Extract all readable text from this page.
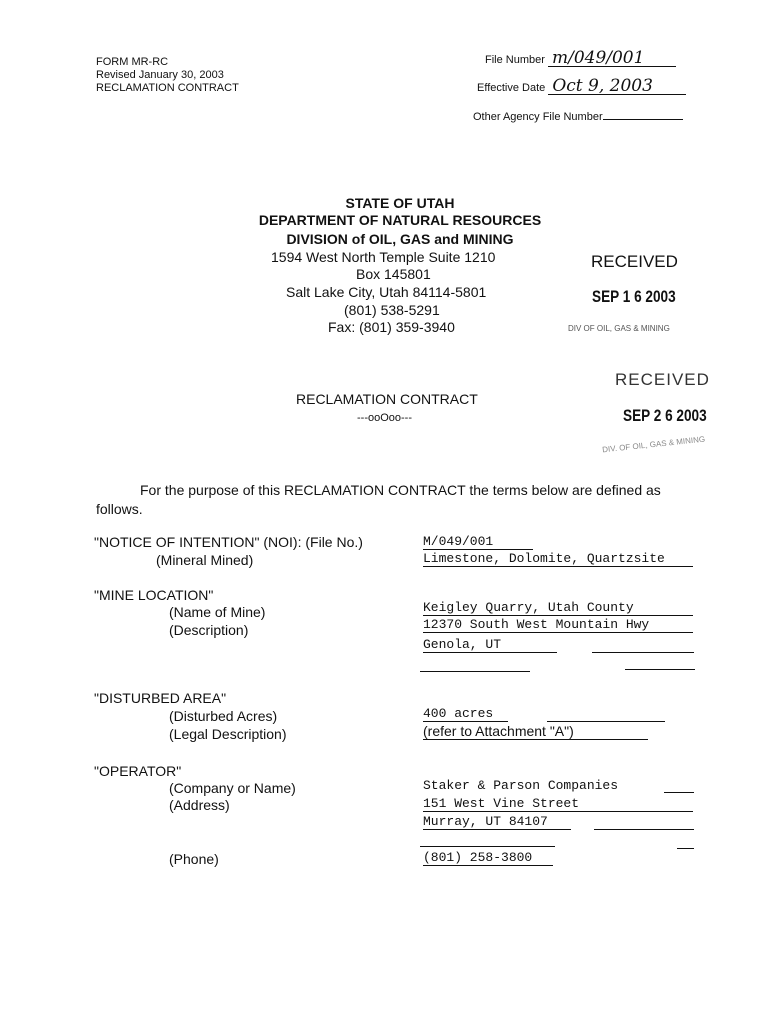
FORM MR-RC
Revised January 30, 2003
RECLAMATION CONTRACT
File Number m/049/001
Effective Date Oct 9, 2003
Other Agency File Number
STATE OF UTAH
DEPARTMENT OF NATURAL RESOURCES
DIVISION of OIL, GAS and MINING
1594 West North Temple Suite 1210
Box 145801
Salt Lake City, Utah 84114-5801
(801) 538-5291
Fax: (801) 359-3940
RECEIVED
SEP 1 6 2003
DIV OF OIL, GAS & MINING
RECEIVED
SEP 2 6 2003
DIV. OF OIL, GAS & MINING
RECLAMATION CONTRACT
---ooOoo---
For the purpose of this RECLAMATION CONTRACT the terms below are defined as follows.
"NOTICE OF INTENTION" (NOI): (File No.)	M/049/001
(Mineral Mined)	Limestone, Dolomite, Quartzsite
"MINE LOCATION"
(Name of Mine)	Keigley Quarry, Utah County
(Description)	12370 South West Mountain Hwy
Genola, UT
"DISTURBED AREA"
(Disturbed Acres)	400 acres
(Legal Description)	(refer to Attachment "A")
"OPERATOR"
(Company or Name)	Staker & Parson Companies
(Address)	151 West Vine Street
Murray, UT 84107
(Phone)	(801) 258-3800
